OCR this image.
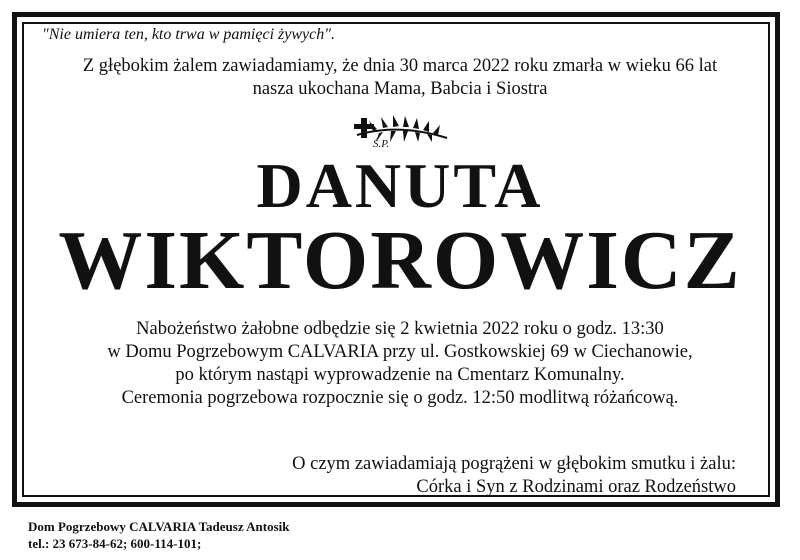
"Nie umiera ten, kto trwa w pamięci żywych".
Z głębokim żalem zawiadamiamy, że dnia 30 marca 2022 roku zmarła w wieku 66 lat
nasza ukochana Mama, Babcia i Siostra
Ś.P.
DANUTA
WIKTOROWICZ
Nabożeństwo żałobne odbędzie się 2 kwietnia 2022 roku o godz. 13:30
w Domu Pogrzebowym CALVARIA przy ul. Gostkowskiej 69 w Ciechanowie,
po którym nastąpi wyprowadzenie na Cmentarz Komunalny.
Ceremonia pogrzebowa rozpocznie się o godz. 12:50 modlitwą różańcową.
O czym zawiadamiają pogrążeni w głębokim smutku i żalu:
Córka i Syn z Rodzinami oraz Rodzeństwo
Dom Pogrzebowy CALVARIA Tadeusz Antosik
tel.: 23 673-84-62; 600-114-101;
